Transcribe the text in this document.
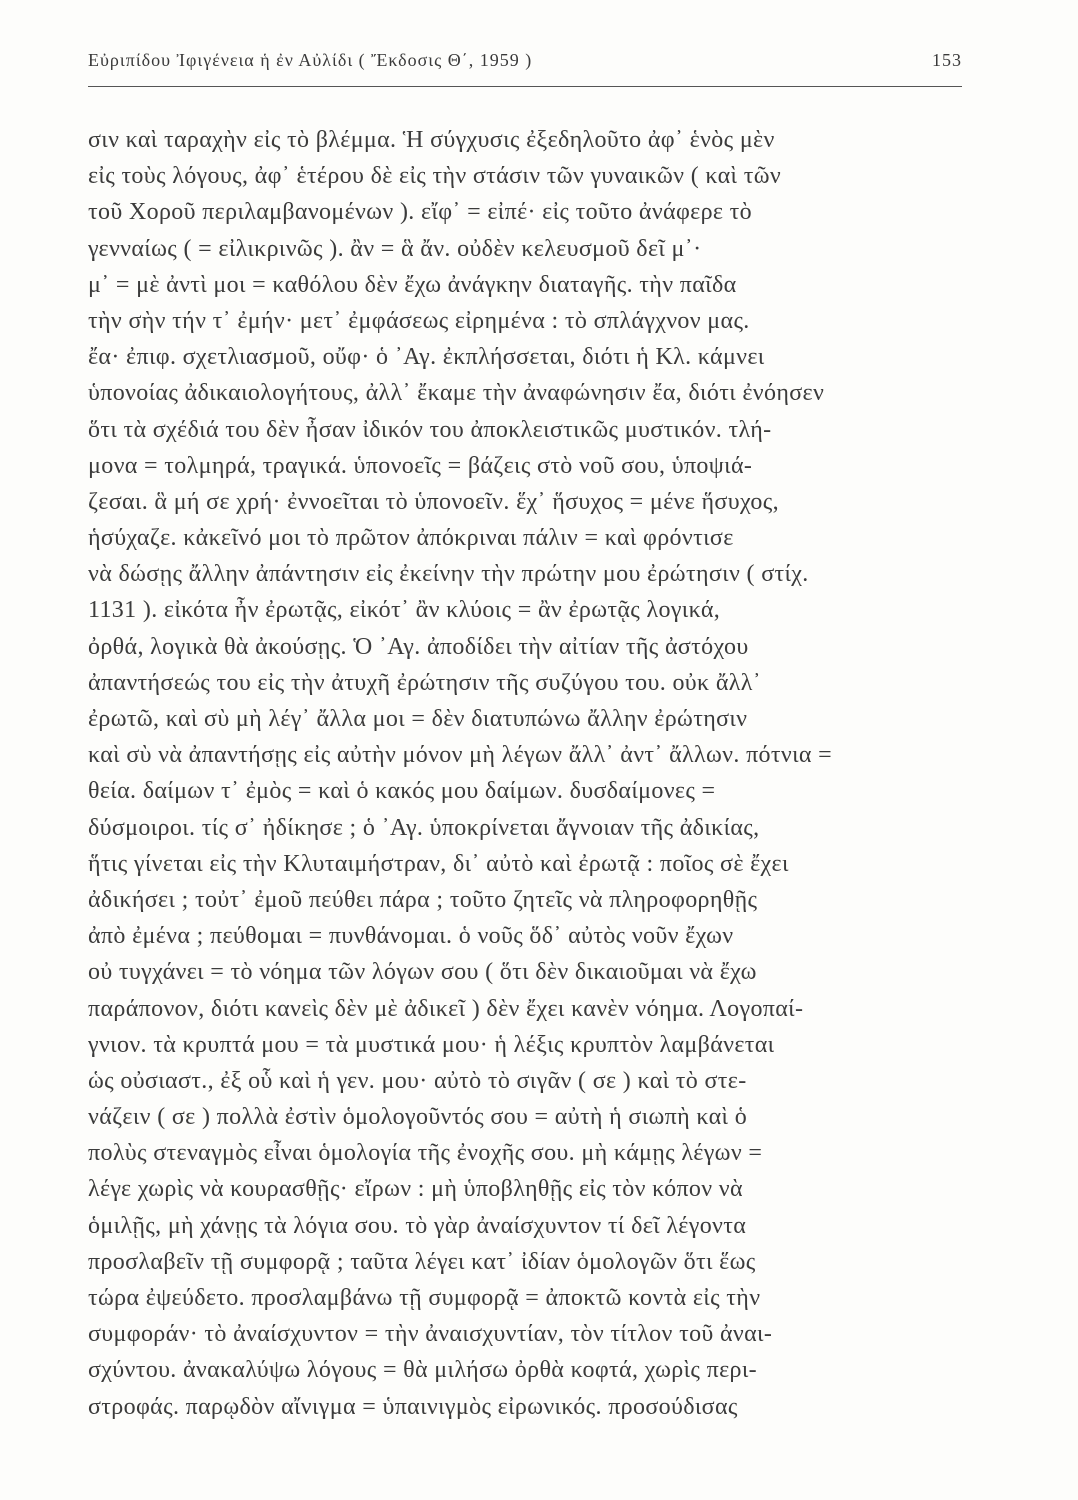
Εὐριπίδου Ἰφιγένεια ἡ ἐν Αὐλίδι ( Ἔκδοσις Θ΄, 1959 )	153
σιν καὶ ταραχὴν εἰς τὸ βλέμμα. Ἡ σύγχυσις ἐξεδηλοῦτο ἀφ᾿ ἑνὸς μὲν
εἰς τοὺς λόγους, ἀφ᾿ ἑτέρου δὲ εἰς τὴν στάσιν τῶν γυναικῶν ( καὶ τῶν
τοῦ Χοροῦ περιλαμβανομένων ). εἴφ᾿ = εἰπέ· εἰς τοῦτο ἀνάφερε τὸ
γενναίως ( = εἰλικρινῶς ). ἂν = ἃ ἄν. οὐδὲν κελευσμοῦ δεῖ μ᾿·
μ᾿ = μὲ ἀντὶ μοι = καθόλου δὲν ἔχω ἀνάγκην διαταγῆς. τὴν παῖδα
τὴν σὴν τήν τ᾿ ἐμήν· μετ᾿ ἐμφάσεως εἰρημένα : τὸ σπλάγχνον μας.
ἔα· ἐπιφ. σχετλιασμοῦ, οὔφ· ὁ ᾿Αγ. ἐκπλήσσεται, διότι ἡ Κλ. κάμνει
ὑπονοίας ἀδικαιολογήτους, ἀλλ᾿ ἔκαμε τὴν ἀναφώνησιν ἔα, διότι ἐνόησεν
ὅτι τὰ σχέδιά του δὲν ἦσαν ἰδικόν του ἀποκλειστικῶς μυστικόν. τλή-
μονα = τολμηρά, τραγικά. ὑπονοεῖς = βάζεις στὸ νοῦ σου, ὑποψιά-
ζεσαι. ἃ μή σε χρή· ἐννοεῖται τὸ ὑπονοεῖν. ἕχ᾿ ἥσυχος = μένε ἥσυχος,
ἡσύχαζε. κἀκεῖνό μοι τὸ πρῶτον ἀπόκριναι πάλιν = καὶ φρόντισε
νὰ δώσῃς ἄλλην ἀπάντησιν εἰς ἐκείνην τὴν πρώτην μου ἐρώτησιν ( στίχ.
1131 ). εἰκότα ἦν ἐρωτᾷς, εἰκότ᾿ ἂν κλύοις = ἂν ἐρωτᾷς λογικά,
ὀρθά, λογικὰ θὰ ἀκούσῃς. Ὁ ᾿Αγ. ἀποδίδει τὴν αἰτίαν τῆς ἀστόχου
ἀπαντήσεώς του εἰς τὴν ἀτυχῆ ἐρώτησιν τῆς συζύγου του. οὐκ ἄλλ᾿
ἐρωτῶ, καὶ σὺ μὴ λέγ᾿ ἄλλα μοι = δὲν διατυπώνω ἄλλην ἐρώτησιν
καὶ σὺ νὰ ἀπαντήσῃς εἰς αὐτὴν μόνον μὴ λέγων ἄλλ᾿ ἀντ᾿ ἄλλων. πότνια =
θεία. δαίμων τ᾿ ἐμὸς = καὶ ὁ κακός μου δαίμων. δυσδαίμονες =
δύσμοιροι. τίς σ᾿ ἠδίκησε ; ὁ ᾿Αγ. ὑποκρίνεται ἄγνοιαν τῆς ἀδικίας,
ἥτις γίνεται εἰς τὴν Κλυταιμήστραν, δι᾿ αὐτὸ καὶ ἐρωτᾷ : ποῖος σὲ ἔχει
ἀδικήσει ; τοὐτ᾿ ἐμοῦ πεύθει πάρα ; τοῦτο ζητεῖς νὰ πληροφορηθῇς
ἀπὸ ἐμένα ; πεύθομαι = πυνθάνομαι. ὁ νοῦς ὅδ᾿ αὐτὸς νοῦν ἔχων
οὐ τυγχάνει = τὸ νόημα τῶν λόγων σου ( ὅτι δὲν δικαιοῦμαι νὰ ἔχω
παράπονον, διότι κανεὶς δὲν μὲ ἀδικεῖ ) δὲν ἔχει κανὲν νόημα. Λογοπαί-
γνιον. τὰ κρυπτά μου = τὰ μυστικά μου· ἡ λέξις κρυπτὸν λαμβάνεται
ὡς οὐσιαστ., ἐξ οὗ καὶ ἡ γεν. μου· αὐτὸ τὸ σιγᾶν ( σε ) καὶ τὸ στε-
νάζειν ( σε ) πολλὰ ἐστὶν ὁμολογοῦντός σου = αὐτὴ ἡ σιωπὴ καὶ ὁ
πολὺς στεναγμὸς εἶναι ὁμολογία τῆς ἐνοχῆς σου. μὴ κάμῃς λέγων =
λέγε χωρὶς νὰ κουρασθῇς· εἴρων : μὴ ὑποβληθῇς εἰς τὸν κόπον νὰ
ὁμιλῇς, μὴ χάνῃς τὰ λόγια σου. τὸ γὰρ ἀναίσχυντον τί δεῖ λέγοντα
προσλαβεῖν τῇ συμφορᾷ ; ταῦτα λέγει κατ᾿ ἰδίαν ὁμολογῶν ὅτι ἕως
τώρα ἐψεύδετο. προσλαμβάνω τῇ συμφορᾷ = ἀποκτῶ κοντὰ εἰς τὴν
συμφοράν· τὸ ἀναίσχυντον = τὴν ἀναισχυντίαν, τὸν τίτλον τοῦ ἀναι-
σχύντου. ἀνακαλύψω λόγους = θὰ μιλήσω ὀρθὰ κοφτά, χωρὶς περι-
στροφάς. παρῳδὸν αἴνιγμα = ὑπαινιγμὸς εἰρωνικός. προσούδισας
